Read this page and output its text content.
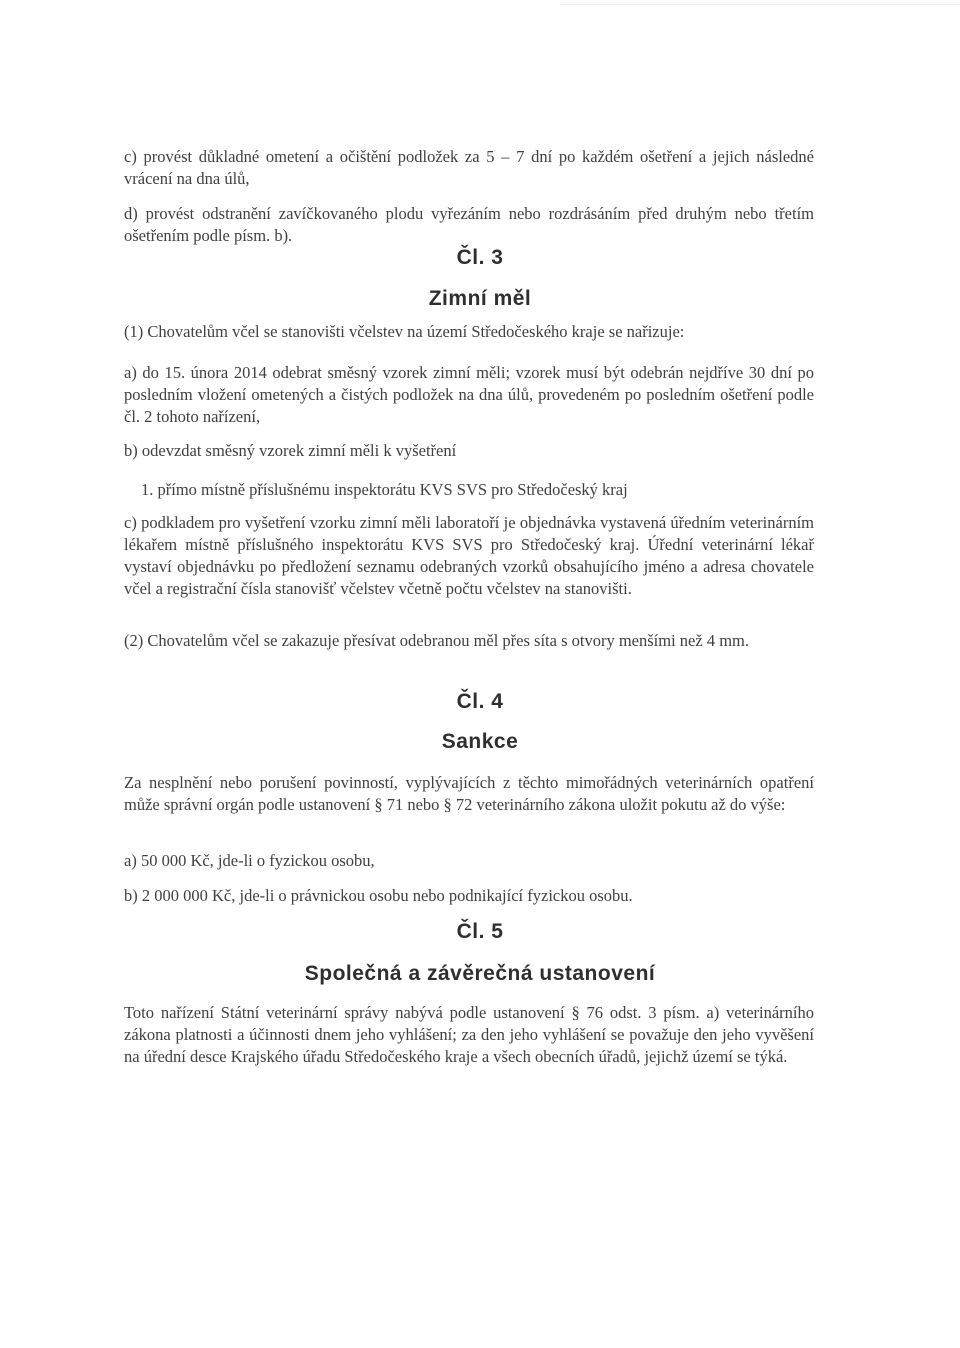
c) provést důkladné ometení a očištění podložek za 5 – 7 dní po každém ošetření a jejich následné vrácení na dna úlů,

d) provést odstranění zavíčkovaného plodu vyřezáním nebo rozdrásáním před druhým nebo třetím ošetřením podle písm. b).

Čl. 3
Zimní měl

(1) Chovatelům včel se stanovišti včelstev na území Středočeského kraje se nařizuje:

a) do 15. února 2014 odebrat směsný vzorek zimní měli; vzorek musí být odebrán nejdříve 30 dní po posledním vložení ometených a čistých podložek na dna úlů, provedeném po posledním ošetření podle čl. 2 tohoto nařízení,

b) odevzdat směsný vzorek zimní měli k vyšetření

1. přímo místně příslušnému inspektorátu KVS SVS pro Středočeský kraj

c) podkladem pro vyšetření vzorku zimní měli laboratoří je objednávka vystavená úředním veterinárním lékařem místně příslušného inspektorátu KVS SVS pro Středočeský kraj. Úřední veterinární lékař vystaví objednávku po předložení seznamu odebraných vzorků obsahujícího jméno a adresa chovatele včel a registrační čísla stanovišť včelstev včetně počtu včelstev na stanovišti.

(2) Chovatelům včel se zakazuje přesívat odebranou měl přes síta s otvory menšími než 4 mm.

Čl. 4
Sankce

Za nesplnění nebo porušení povinností, vyplývajících z těchto mimořádných veterinárních opatření může správní orgán podle ustanovení § 71 nebo § 72 veterinárního zákona uložit pokutu až do výše:

a) 50 000 Kč, jde-li o fyzickou osobu,

b) 2 000 000 Kč, jde-li o právnickou osobu nebo podnikající fyzickou osobu.

Čl. 5
Společná a závěrečná ustanovení

Toto nařízení Státní veterinární správy nabývá podle ustanovení § 76 odst. 3 písm. a) veterinárního zákona platnosti a účinnosti dnem jeho vyhlášení; za den jeho vyhlášení se považuje den jeho vyvěšení na úřední desce Krajského úřadu Středočeského kraje a všech obecních úřadů, jejichž území se týká.
